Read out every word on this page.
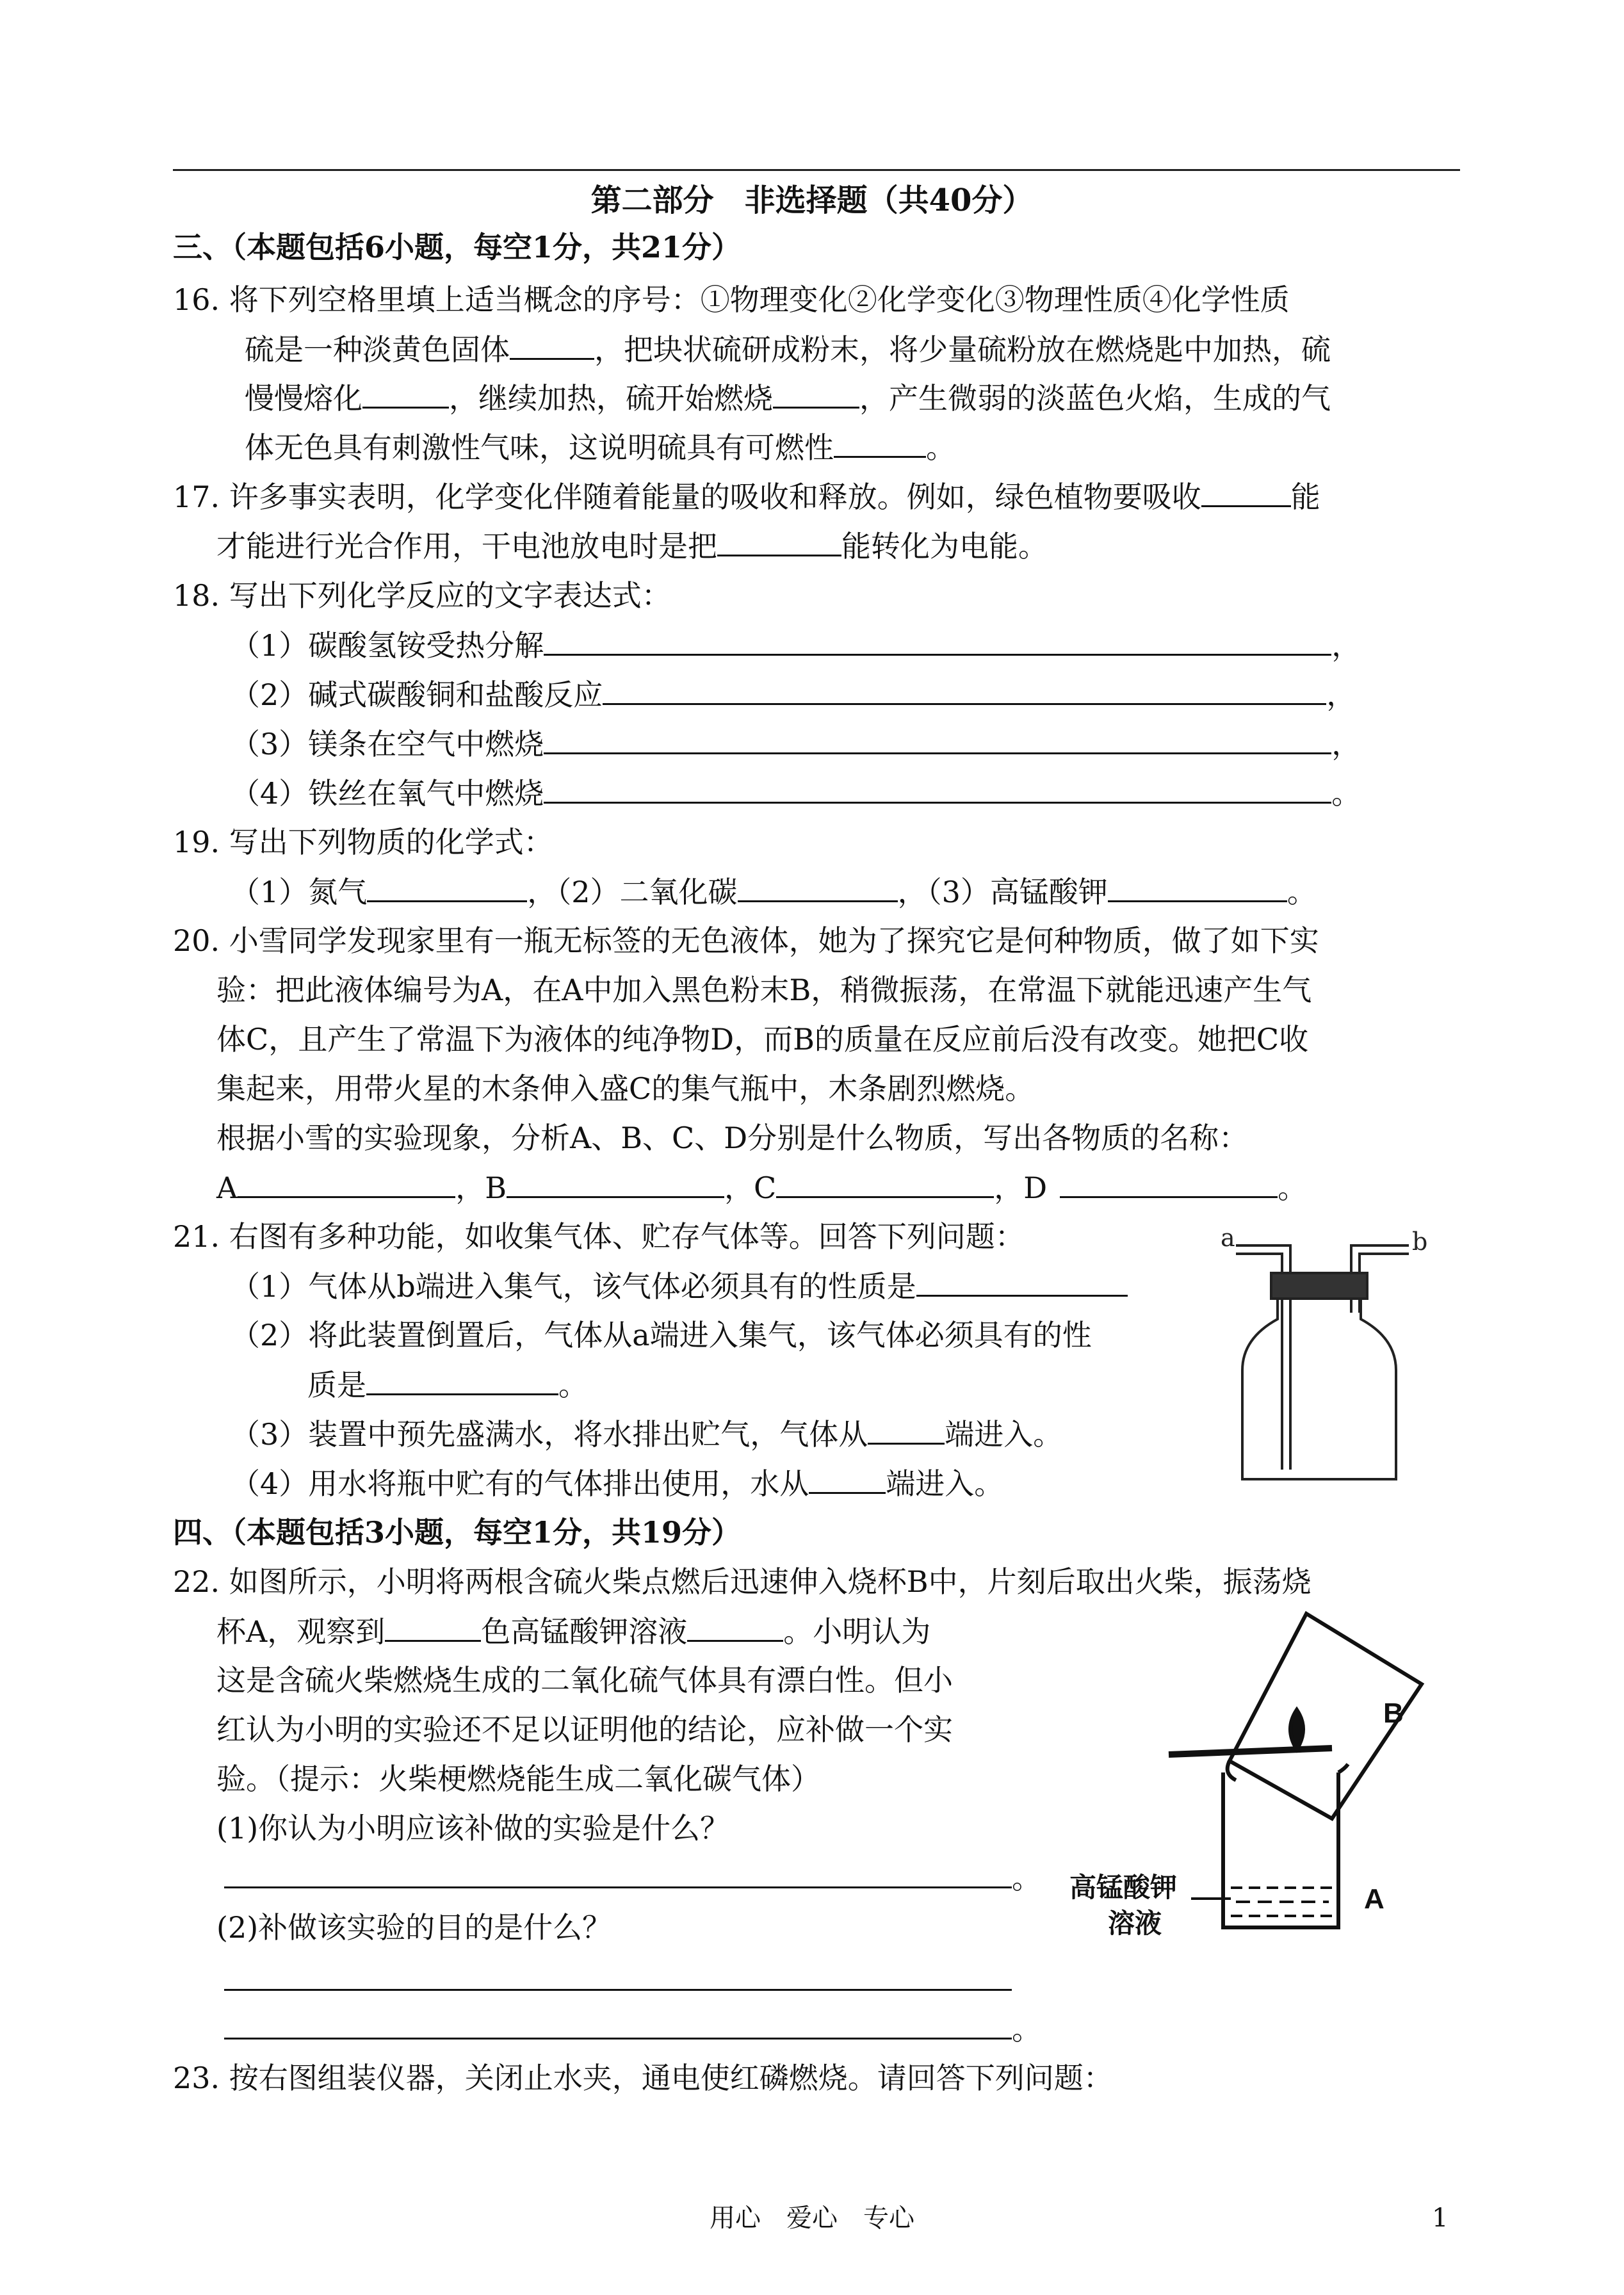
第二部分　非选择题（共40分）
三、（本题包括6小题，每空1分，共21分）
16. 将下列空格里填上适当概念的序号：①物理变化②化学变化③物理性质④化学性质
硫是一种淡黄色固体	，把块状硫研成粉末，将少量硫粉放在燃烧匙中加热，硫
慢慢熔化	，继续加热，硫开始燃烧	，产生微弱的淡蓝色火焰，生成的气
体无色具有刺激性气味，这说明硫具有可燃性	。
17. 许多事实表明，化学变化伴随着能量的吸收和释放。例如，绿色植物要吸收	能
才能进行光合作用，干电池放电时是把	能转化为电能。
18. 写出下列化学反应的文字表达式：
（1）碳酸氢铵受热分解	，
（2）碱式碳酸铜和盐酸反应	，
（3）镁条在空气中燃烧	，
（4）铁丝在氧气中燃烧	。
19. 写出下列物质的化学式：
（1）氮气	，（2）二氧化碳	，（3）高锰酸钾	。
20. 小雪同学发现家里有一瓶无标签的无色液体，她为了探究它是何种物质，做了如下实
验：把此液体编号为A，在A中加入黑色粉末B，稍微振荡，在常温下就能迅速产生气
体C，且产生了常温下为液体的纯净物D，而B的质量在反应前后没有改变。她把C收
集起来，用带火星的木条伸入盛C的集气瓶中，木条剧烈燃烧。
根据小雪的实验现象，分析A、B、C、D分别是什么物质，写出各物质的名称：
A	，B	，C	，D	。
21. 右图有多种功能，如收集气体、贮存气体等。回答下列问题：
（1）气体从b端进入集气，该气体必须具有的性质是
（2）将此装置倒置后，气体从a端进入集气，该气体必须具有的性
质是	。
（3）装置中预先盛满水，将水排出贮气，气体从	端进入。
（4）用水将瓶中贮有的气体排出使用，水从	端进入。
a	b
四、（本题包括3小题，每空1分，共19分）
22. 如图所示，小明将两根含硫火柴点燃后迅速伸入烧杯B中，片刻后取出火柴，振荡烧
杯A，观察到	色高锰酸钾溶液	。小明认为
这是含硫火柴燃烧生成的二氧化硫气体具有漂白性。但小
红认为小明的实验还不足以证明他的结论，应补做一个实
验。（提示：火柴梗燃烧能生成二氧化碳气体）
(1)你认为小明应该补做的实验是什么？
。
(2)补做该实验的目的是什么？
。
B
A
高锰酸钾
溶液
23. 按右图组装仪器，关闭止水夹，通电使红磷燃烧。请回答下列问题：
用心　爱心　专心	1
